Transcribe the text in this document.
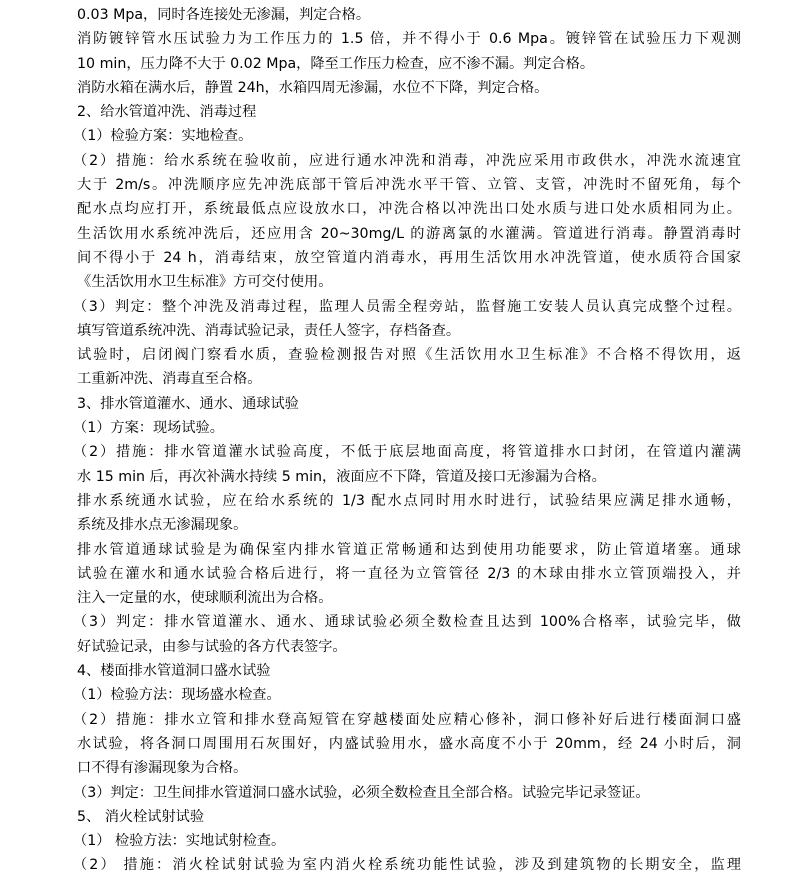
0.03 Mpa，同时各连接处无渗漏，判定合格。
消防镀锌管水压试验力为工作压力的 1.5 倍，并不得小于 0.6 Mpa。镀锌管在试验压力下观测
10 min，压力降不大于 0.02 Mpa，降至工作压力检查，应不渗不漏。判定合格。
消防水箱在满水后，静置 24h，水箱四周无渗漏，水位不下降，判定合格。
2、给水管道冲洗、消毒过程
（1）检验方案：实地检查。
（2）措施：给水系统在验收前，应进行通水冲洗和消毒，冲洗应采用市政供水，冲洗水流速宜
大于 2m/s。冲洗顺序应先冲洗底部干管后冲洗水平干管、立管、支管，冲洗时不留死角，每个
配水点均应打开，系统最低点应设放水口，冲洗合格以冲洗出口处水质与进口处水质相同为止。
生活饮用水系统冲洗后，还应用含 20~30mg/L 的游离氯的水灌满。管道进行消毒。静置消毒时
间不得小于 24 h，消毒结束，放空管道内消毒水，再用生活饮用水冲洗管道，使水质符合国家
《生活饮用水卫生标准》方可交付使用。
（3）判定：整个冲洗及消毒过程，监理人员需全程旁站，监督施工安装人员认真完成整个过程。
填写管道系统冲洗、消毒试验记录，责任人签字，存档备查。
试验时，启闭阀门察看水质，查验检测报告对照《生活饮用水卫生标准》不合格不得饮用，返
工重新冲洗、消毒直至合格。
3、排水管道灌水、通水、通球试验
（1）方案：现场试验。
（2）措施：排水管道灌水试验高度，不低于底层地面高度，将管道排水口封闭，在管道内灌满
水 15 min 后，再次补满水持续 5 min，液面应不下降，管道及接口无渗漏为合格。
排水系统通水试验，应在给水系统的 1/3 配水点同时用水时进行，试验结果应满足排水通畅，
系统及排水点无渗漏现象。
排水管道通球试验是为确保室内排水管道正常畅通和达到使用功能要求，防止管道堵塞。通球
试验在灌水和通水试验合格后进行，将一直径为立管管径 2/3 的木球由排水立管顶端投入，并
注入一定量的水，使球顺利流出为合格。
（3）判定：排水管道灌水、通水、通球试验必须全数检查且达到 100%合格率，试验完毕，做
好试验记录，由参与试验的各方代表签字。
4、楼面排水管道洞口盛水试验
（1）检验方法：现场盛水检查。
（2）措施：排水立管和排水登高短管在穿越楼面处应精心修补，洞口修补好后进行楼面洞口盛
水试验，将各洞口周围用石灰围好，内盛试验用水，盛水高度不小于 20mm，经 24 小时后，洞
口不得有渗漏现象为合格。
（3）判定：卫生间排水管道洞口盛水试验，必须全数检查且全部合格。试验完毕记录签证。
5、 消火栓试射试验
（1） 检验方法：实地试射检查。
（2） 措施：消火栓试射试验为室内消火栓系统功能性试验，涉及到建筑物的长期安全，监理
